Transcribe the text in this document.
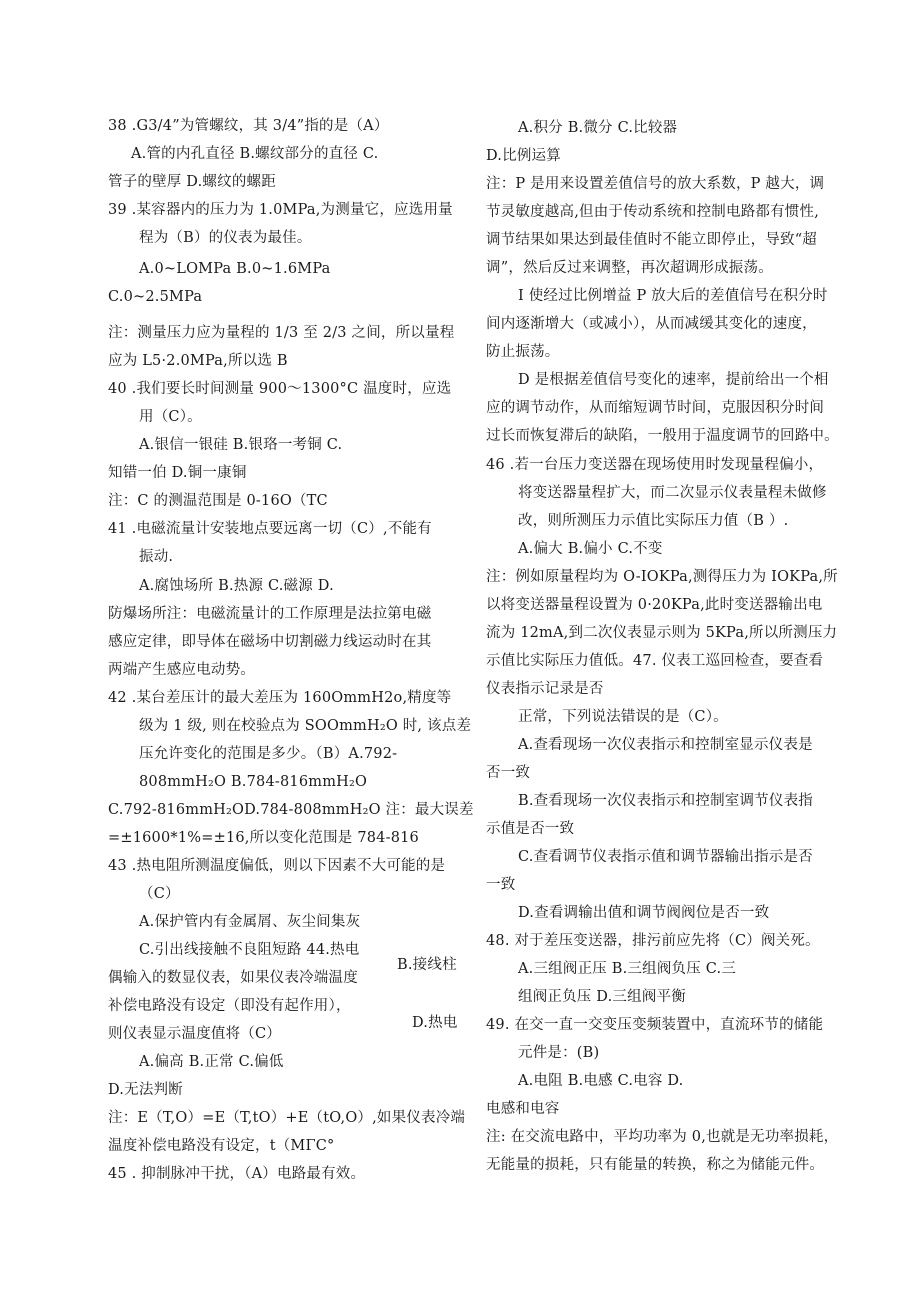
38 .G3/4”为管螺纹，其 3/4”指的是（A）
A.管的内孔直径 B.螺纹部分的直径 C.
管子的壁厚 D.螺纹的螺距
39 .某容器内的压力为 1.0MPa,为测量它，应选用量
程为（B）的仪表为最佳。
A.0~LOMPa B.0~1.6MPa
C.0~2.5MPa
注：测量压力应为量程的 1/3 至 2/3 之间，所以量程
应为 L5·2.0MPa,所以选 B
40 .我们要长时间测量 900～1300°C 温度时，应选
用（C）。
A.银信一银硅 B.银珞一考铜 C.
知错一伯 D.铜一康铜
注：C 的测温范围是 0-16O（TC
41 .电磁流量计安装地点要远离一切（C）,不能有
振动.
A.腐蚀场所 B.热源 C.磁源 D.
防爆场所注：电磁流量计的工作原理是法拉第电磁
感应定律，即导体在磁场中切割磁力线运动时在其
两端产生感应电动势。
42 .某台差压计的最大差压为 160OmmH2o,精度等
级为 1 级, 则在校验点为 SOOmmH₂O 时, 该点差
压允许变化的范围是多少。（B）A.792-
808mmH₂O B.784-816mmH₂O
C.792-816mmH₂OD.784-808mmH₂O 注：最大误差
=±1600*1%=±16,所以变化范围是 784-816
43 .热电阻所测温度偏低，则以下因素不大可能的是
（C）
A.保护管内有金属屑、灰尘间集灰
C.引出线接触不良阻短路 44.热电
B.接线柱
偶输入的数显仪表，如果仪表冷端温度
补偿电路没有设定（即没有起作用），
D.热电
则仪表显示温度值将（C）
A.偏高 B.正常 C.偏低
D.无法判断
注：E（T,O）=E（T,tO）+E（tO,O）,如果仪表冷端
温度补偿电路没有设定，t（MΓC°
45 . 抑制脉冲干扰，（A）电路最有效。
A.积分 B.微分 C.比较器
D.比例运算
注：P 是用来设置差值信号的放大系数，P 越大，调
节灵敏度越高,但由于传动系统和控制电路都有惯性,
调节结果如果达到最佳值时不能立即停止，导致“超
调”，然后反过来调整，再次超调形成振荡。
I 使经过比例增益 P 放大后的差值信号在积分时
间内逐渐增大（或减小），从而减缓其变化的速度，
防止振荡。
D 是根据差值信号变化的速率，提前给出一个相
应的调节动作，从而缩短调节时间，克服因积分时间
过长而恢复滞后的缺陷，一般用于温度调节的回路中。
46 .若一台压力变送器在现场使用时发现量程偏小，
将变送器量程扩大，而二次显示仪表量程未做修
改，则所测压力示值比实际压力值（B ）.
A.偏大 B.偏小 C.不变
注：例如原量程均为 O-IOKPa,测得压力为 IOKPa,所
以将变送器量程设置为 0·20KPa,此时变送器输出电
流为 12mA,到二次仪表显示则为 5KPa,所以所测压力
示值比实际压力值低。47. 仪表工巡回检查，要查看
仪表指示记录是否
正常，下列说法错误的是（C）。
A.查看现场一次仪表指示和控制室显示仪表是
否一致
B.查看现场一次仪表指示和控制室调节仪表指
示值是否一致
C.查看调节仪表指示值和调节器输出指示是否
一致
D.查看调输出值和调节阀阀位是否一致
48. 对于差压变送器，排污前应先将（C）阀关死。
A.三组阀正压 B.三组阀负压 C.三
组阀正负压 D.三组阀平衡
49. 在交一直一交变压变频装置中，直流环节的储能
元件是：(B)
A.电阻 B.电感 C.电容 D.
电感和电容
注: 在交流电路中，平均功率为 0,也就是无功率损耗，
无能量的损耗，只有能量的转换，称之为储能元件。
